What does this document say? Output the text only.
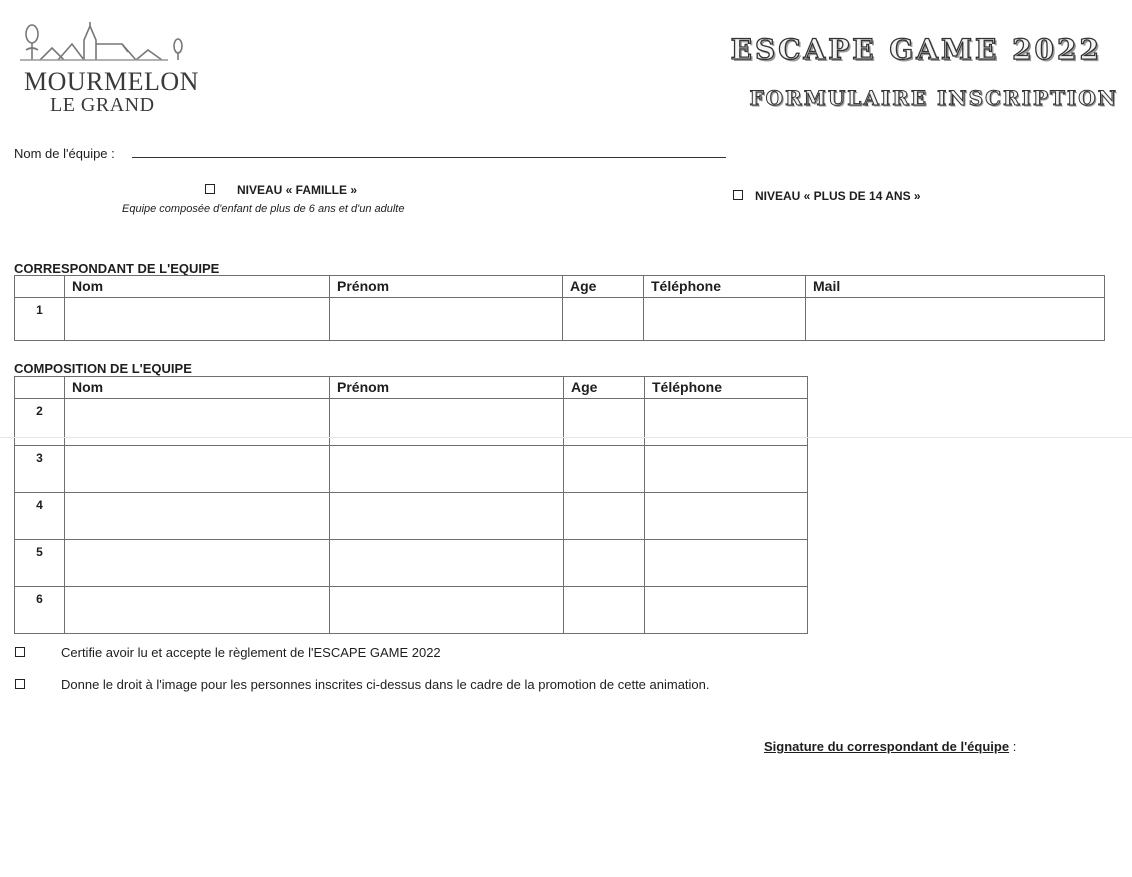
MOURMELON
LE GRAND
ESCAPE GAME 2022
FORMULAIRE INSCRIPTION
Nom de l'équipe :
NIVEAU « FAMILLE »
Equipe composée d'enfant de plus de 6 ans et d'un adulte
NIVEAU « PLUS DE 14 ANS »
CORRESPONDANT DE L'EQUIPE
	Nom	Prénom	Age	Téléphone	Mail
1					
COMPOSITION DE L'EQUIPE
	Nom	Prénom	Age	Téléphone
2				
3				
4				
5				
6				
Certifie avoir lu et accepte le règlement de l'ESCAPE GAME 2022
Donne le droit à l'image pour les personnes inscrites ci-dessus dans le cadre de la promotion de cette animation.
Signature du correspondant de l'équipe :
